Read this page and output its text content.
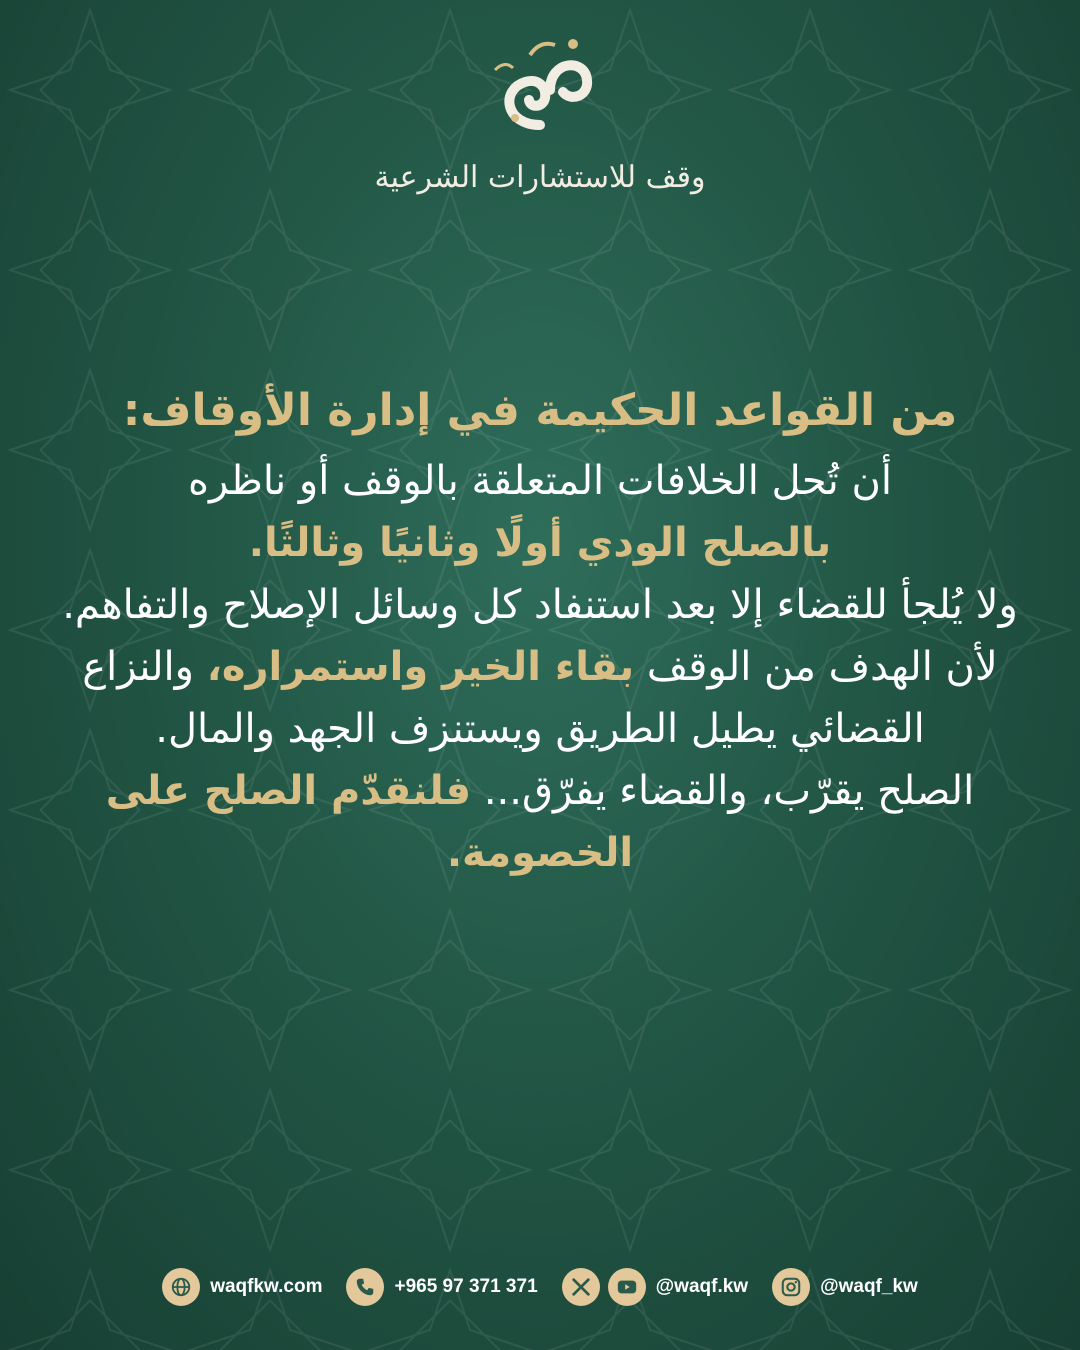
وقف للاستشارات الشرعية
من القواعد الحكيمة في إدارة الأوقاف:
أن تُحل الخلافات المتعلقة بالوقف أو ناظره
بالصلح الودي أولًا وثانيًا وثالثًا.
ولا يُلجأ للقضاء إلا بعد استنفاد كل وسائل الإصلاح والتفاهم.
لأن الهدف من الوقف بقاء الخير واستمراره، والنزاع القضائي يطيل الطريق ويستنزف الجهد والمال.
الصلح يقرّب، والقضاء يفرّق... فلنقدّم الصلح على الخصومة.
waqfkw.com	+965 97 371 371	@waqf.kw	@waqf_kw
